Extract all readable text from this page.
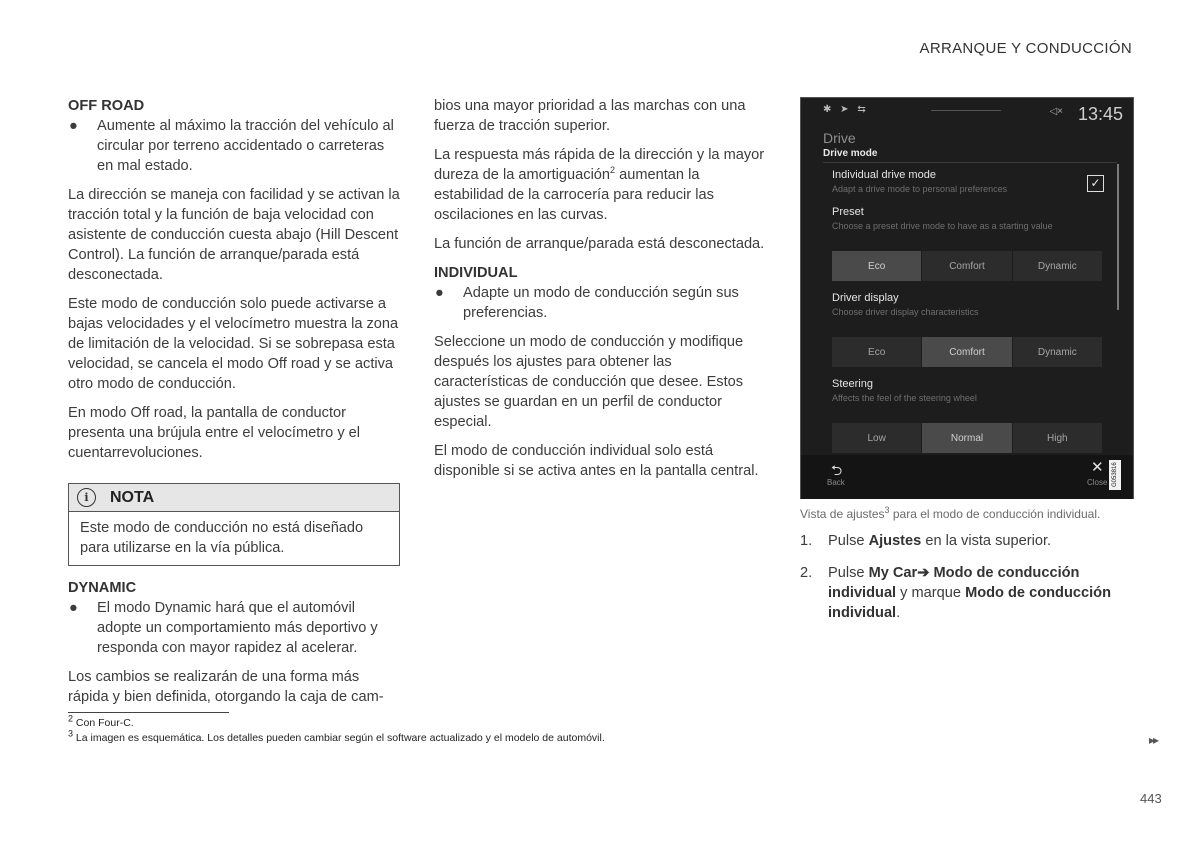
ARRANQUE Y CONDUCCIÓN
OFF ROAD
●	Aumente al máximo la tracción del vehículo al circular por terreno accidentado o carreteras en mal estado.

La dirección se maneja con facilidad y se activan la tracción total y la función de baja velocidad con asistente de conducción cuesta abajo (Hill Descent Control). La función de arranque/parada está desconectada.

Este modo de conducción solo puede activarse a bajas velocidades y el velocímetro muestra la zona de limitación de la velocidad. Si se sobrepasa esta velocidad, se cancela el modo Off road y se activa otro modo de conducción.

En modo Off road, la pantalla de conductor presenta una brújula entre el velocímetro y el cuentarrevoluciones.

i	NOTA
Este modo de conducción no está diseñado para utilizarse en la vía pública.
DYNAMIC
●	El modo Dynamic hará que el automóvil adopte un comportamiento más deportivo y responda con mayor rapidez al acelerar.

Los cambios se realizarán de una forma más rápida y bien definida, otorgando la caja de cam-

bios una mayor prioridad a las marchas con una fuerza de tracción superior.

La respuesta más rápida de la dirección y la mayor dureza de la amortiguación$^2$ aumentan la estabilidad de la carrocería para reducir las oscilaciones en las curvas.

La función de arranque/parada está desconectada.

INDIVIDUAL
●	Adapte un modo de conducción según sus preferencias.

Seleccione un modo de conducción y modifique después los ajustes para obtener las características de conducción que desee. Estos ajustes se guardan en un perfil de conductor especial.

El modo de conducción individual solo está disponible si se activa antes en la pantalla central.

✱ ➤ ⇆	◁× 13:45
Drive
Drive mode
Individual drive mode
Adapt a drive mode to personal preferences	✓
Preset
Choose a preset drive mode to have as a starting value
Eco	Comfort	Dynamic
Driver display
Choose driver display characteristics
Eco	Comfort	Dynamic
Steering
Affects the feel of the steering wheel
Low	Normal	High
⮌
Back
✕
Close G053816
Vista de ajustes$^3$ para el modo de conducción individual.
1.	Pulse Ajustes en la vista superior.
2.	Pulse My Car➔ Modo de conducción individual y marque Modo de conducción individual.
$^2$ Con Four-C.
$^3$ La imagen es esquemática. Los detalles pueden cambiar según el software actualizado y el modelo de automóvil.	▸▸
443
